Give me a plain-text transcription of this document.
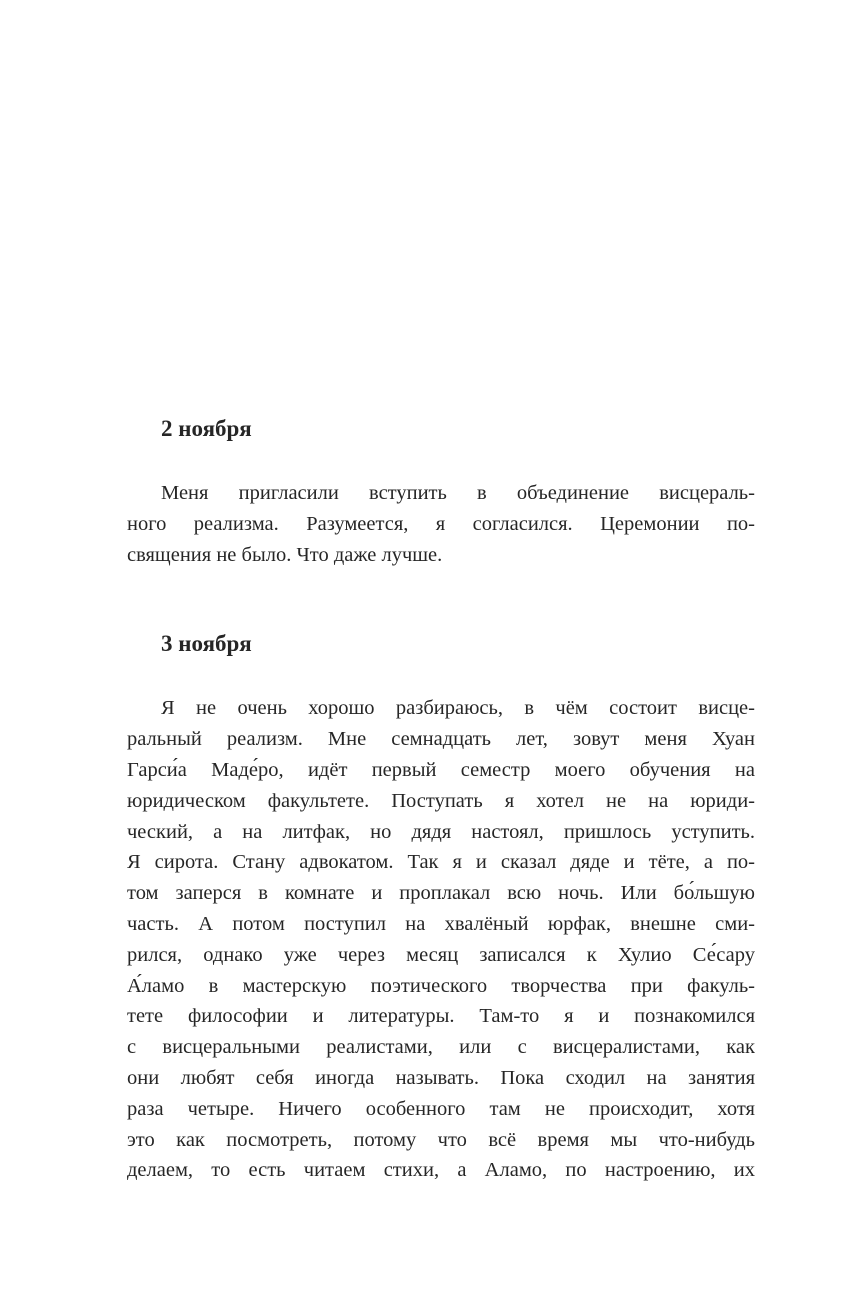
2 ноября

Меня пригласили вступить в объединение висцераль-
ного реализма. Разумеется, я согласился. Церемонии по-
священия не было. Что даже лучше.

3 ноября

Я не очень хорошо разбираюсь, в чём состоит висце-
ральный реализм. Мне семнадцать лет, зовут меня Хуан
Гарси́а Маде́ро, идёт первый семестр моего обучения на
юридическом факультете. Поступать я хотел не на юриди-
ческий, а на литфак, но дядя настоял, пришлось уступить.
Я сирота. Стану адвокатом. Так я и сказал дяде и тёте, а по-
том заперся в комнате и проплакал всю ночь. Или бо́льшую
часть. А потом поступил на хвалёный юрфак, внешне сми-
рился, однако уже через месяц записался к Хулио Се́сару
А́ламо в мастерскую поэтического творчества при факуль-
тете философии и литературы. Там-то я и познакомился
с висцеральными реалистами, или с висцералистами, как
они любят себя иногда называть. Пока сходил на занятия
раза четыре. Ничего особенного там не происходит, хотя
это как посмотреть, потому что всё время мы что-нибудь
делаем, то есть читаем стихи, а Аламо, по настроению, их
